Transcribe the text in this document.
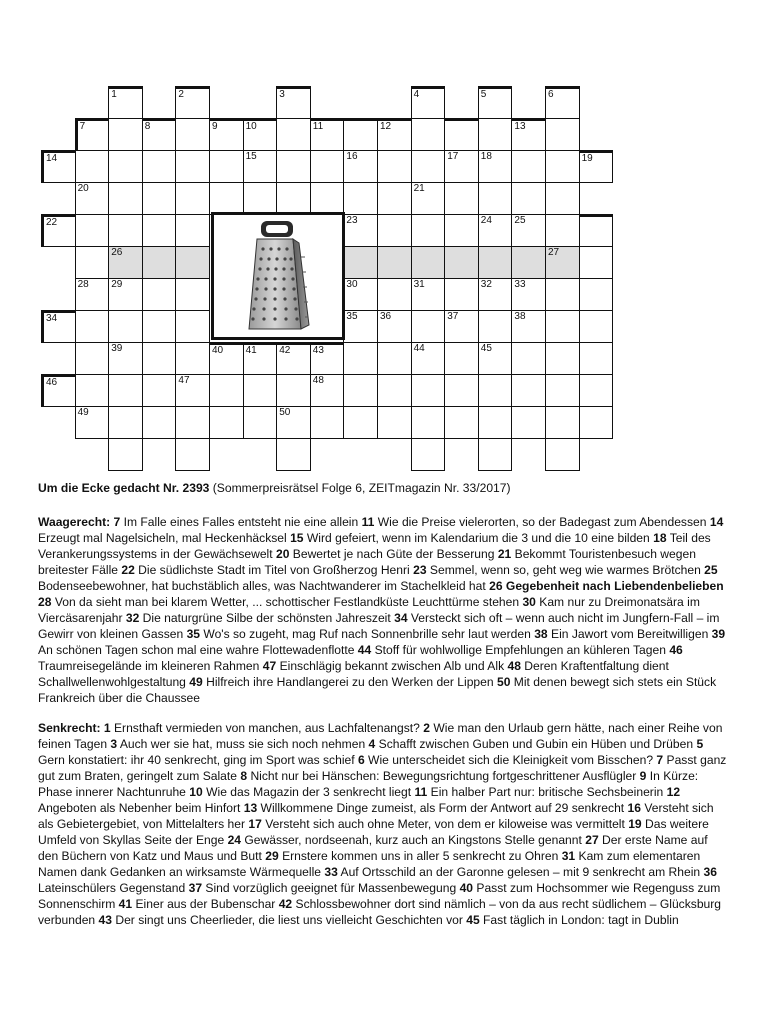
1	2	3	4	5	6
7	8	9	10	11	12	13
14	15	16	17 18	19
20	21
22	23	24 25
26	27
28 29	30	31	32 33
34	35 36	37	38
39	40 41 42 43	44	45
46	47	48
49	50

Um die Ecke gedacht Nr. 2393 (Sommerpreisrätsel Folge 6, ZEITmagazin Nr. 33/2017)

Waagerecht: 7 Im Falle eines Falles entsteht nie eine allein 11 Wie die Preise vielerorten, so der Badegast zum Abendessen 14 Erzeugt mal Nagelsicheln, mal Heckenhäcksel 15 Wird gefeiert, wenn im Kalendarium die 3 und die 10 eine bilden 18 Teil des Verankerungssystems in der Gewächsewelt 20 Bewertet je nach Güte der Besserung 21 Bekommt Touristenbesuch wegen breitester Fälle 22 Die südlichste Stadt im Titel von Großherzog Henri 23 Semmel, wenn so, geht weg wie warmes Brötchen 25 Bodenseebewohner, hat buchstäblich alles, was Nachtwanderer im Stachelkleid hat 26 Gegebenheit nach Liebendenbelieben 28 Von da sieht man bei klarem Wetter, ... schottischer Festlandküste Leuchttürme stehen 30 Kam nur zu Dreimonatsära im Viercäsarenjahr 32 Die naturgrüne Silbe der schönsten Jahreszeit 34 Versteckt sich oft – wenn auch nicht im Jungfern-Fall – im Gewirr von kleinen Gassen 35 Wo's so zugeht, mag Ruf nach Sonnenbrille sehr laut werden 38 Ein Jawort vom Bereitwilligen 39 An schönen Tagen schon mal eine wahre Flottewadenflotte 44 Stoff für wohlwollige Empfehlungen an kühleren Tagen 46 Traumreisegelände im kleineren Rahmen 47 Einschlägig bekannt zwischen Alb und Alk 48 Deren Kraftentfaltung dient Schallwellenwohlgestaltung 49 Hilfreich ihre Handlangerei zu den Werken der Lippen 50 Mit denen bewegt sich stets ein Stück Frankreich über die Chaussee

Senkrecht: 1 Ernsthaft vermieden von manchen, aus Lachfaltenangst? 2 Wie man den Urlaub gern hätte, nach einer Reihe von feinen Tagen 3 Auch wer sie hat, muss sie sich noch nehmen 4 Schafft zwischen Guben und Gubin ein Hüben und Drüben 5 Gern konstatiert: ihr 40 senkrecht, ging im Sport was schief 6 Wie unterscheidet sich die Kleinigkeit vom Bisschen? 7 Passt ganz gut zum Braten, geringelt zum Salate 8 Nicht nur bei Hänschen: Bewegungsrichtung fortgeschrittener Ausflügler 9 In Kürze: Phase innerer Nachtunruhe 10 Wie das Magazin der 3 senkrecht liegt 11 Ein halber Part nur: britische Sechsbeinerin 12 Angeboten als Nebenher beim Hinfort 13 Willkommene Dinge zumeist, als Form der Antwort auf 29 senkrecht 16 Versteht sich als Gebietergebiet, von Mittelalters her 17 Versteht sich auch ohne Meter, von dem er kiloweise was vermittelt 19 Das weitere Umfeld von Skyllas Seite der Enge 24 Gewässer, nordseenah, kurz auch an Kingstons Stelle genannt 27 Der erste Name auf den Büchern von Katz und Maus und Butt 29 Ernstere kommen uns in aller 5 senkrecht zu Ohren 31 Kam zum elementaren Namen dank Gedanken an wirksamste Wärmequelle 33 Auf Ortsschild an der Garonne gelesen – mit 9 senkrecht am Rhein 36 Lateinschülers Gegenstand 37 Sind vorzüglich geeignet für Massenbewegung 40 Passt zum Hochsommer wie Regenguss zum Sonnenschirm 41 Einer aus der Bubenschar 42 Schlossbewohner dort sind nämlich – von da aus recht südlichem – Glücksburg verbunden 43 Der singt uns Cheerlieder, die liest uns vielleicht Geschichten vor 45 Fast täglich in London: tagt in Dublin
